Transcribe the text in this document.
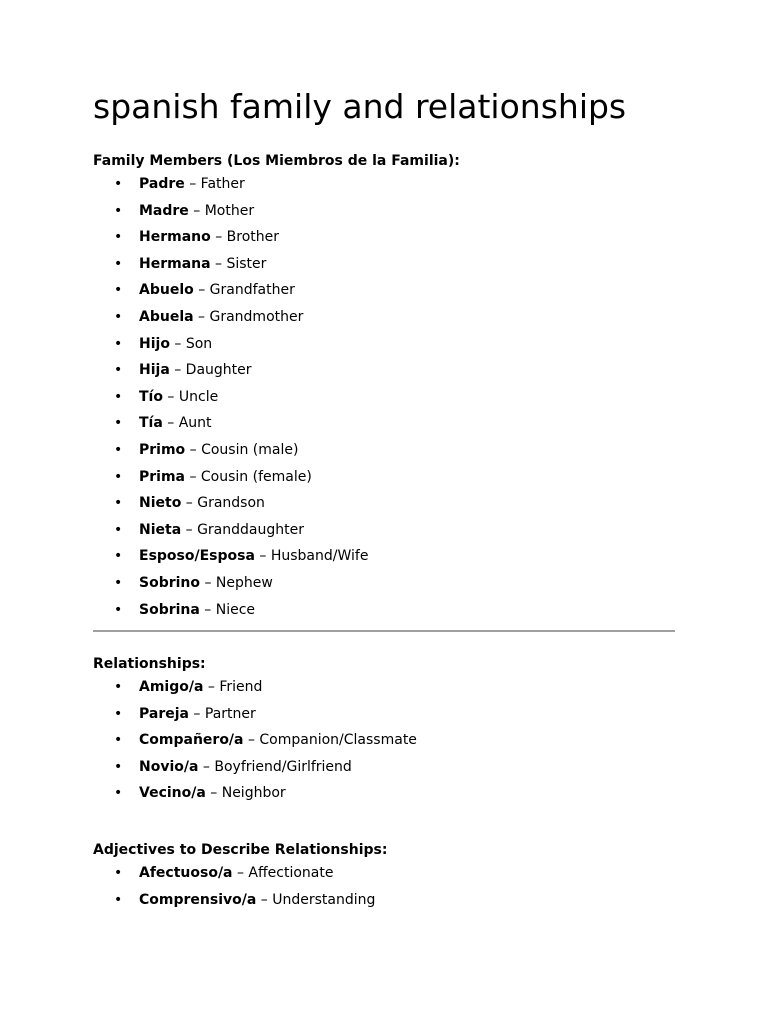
spanish family and relationships
Family Members (Los Miembros de la Familia):
• Padre – Father
• Madre – Mother
• Hermano – Brother
• Hermana – Sister
• Abuelo – Grandfather
• Abuela – Grandmother
• Hijo – Son
• Hija – Daughter
• Tío – Uncle
• Tía – Aunt
• Primo – Cousin (male)
• Prima – Cousin (female)
• Nieto – Grandson
• Nieta – Granddaughter
• Esposo/Esposa – Husband/Wife
• Sobrino – Nephew
• Sobrina – Niece
Relationships:
• Amigo/a – Friend
• Pareja – Partner
• Compañero/a – Companion/Classmate
• Novio/a – Boyfriend/Girlfriend
• Vecino/a – Neighbor
Adjectives to Describe Relationships:
• Afectuoso/a – Affectionate
• Comprensivo/a – Understanding
